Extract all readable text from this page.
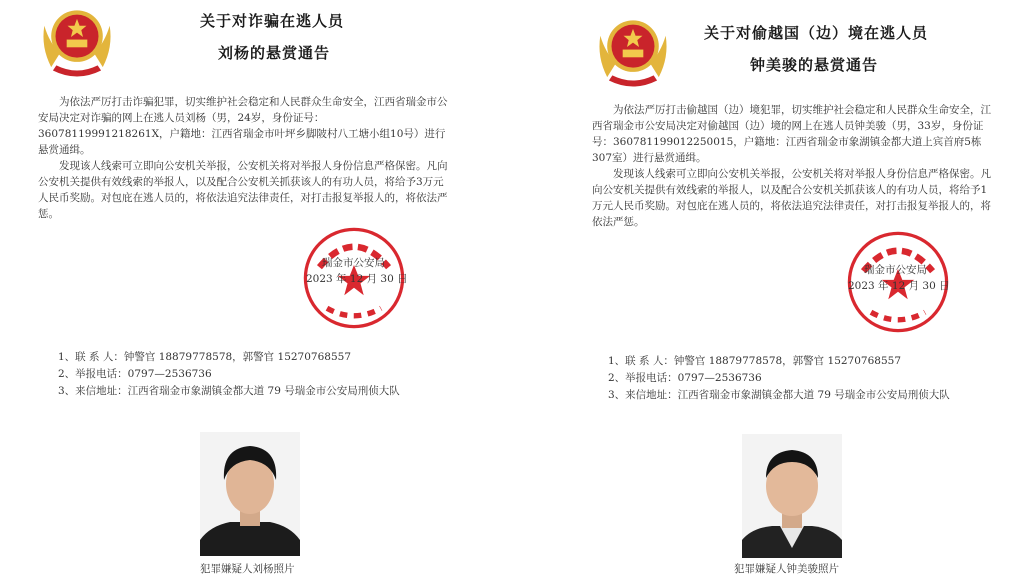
关于对诈骗在逃人员
刘杨的悬赏通告

为依法严厉打击诈骗犯罪，切实维护社会稳定和人民群众生命安全，江西省瑞金市公安局决定对诈骗的网上在逃人员刘杨（男，24岁，身份证号：36078119991218261X，户籍地：江西省瑞金市叶坪乡脚陂村八工塘小组10号）进行悬赏通缉。

发现该人线索可立即向公安机关举报，公安机关将对举报人身份信息严格保密。凡向公安机关提供有效线索的举报人，以及配合公安机关抓获该人的有功人员，将给予3万元人民币奖励。对包庇在逃人员的，将依法追究法律责任，对打击报复举报人的，将依法严惩。

瑞金市公安局
2023 年 12 月 30 日
1、联 系 人：钟警官 18879778578，郭警官 15270768557
2、举报电话：0797—2536736
3、来信地址：江西省瑞金市象湖镇金都大道 79 号瑞金市公安局刑侦大队
犯罪嫌疑人刘杨照片
关于对偷越国（边）境在逃人员
钟美骏的悬赏通告

为依法严厉打击偷越国（边）境犯罪，切实维护社会稳定和人民群众生命安全，江西省瑞金市公安局决定对偷越国（边）境的网上在逃人员钟美骏（男，33岁，身份证号：360781199012250015，户籍地：江西省瑞金市象湖镇金都大道上宾首府5栋307室）进行悬赏通缉。

发现该人线索可立即向公安机关举报，公安机关将对举报人身份信息严格保密。凡向公安机关提供有效线索的举报人，以及配合公安机关抓获该人的有功人员，将给予1万元人民币奖励。对包庇在逃人员的，将依法追究法律责任，对打击报复举报人的，将依法严惩。

瑞金市公安局
2023 年 12 月 30 日
1、联 系 人：钟警官 18879778578，郭警官 15270768557
2、举报电话：0797—2536736
3、来信地址：江西省瑞金市象湖镇金都大道 79 号瑞金市公安局刑侦大队
犯罪嫌疑人钟美骏照片
